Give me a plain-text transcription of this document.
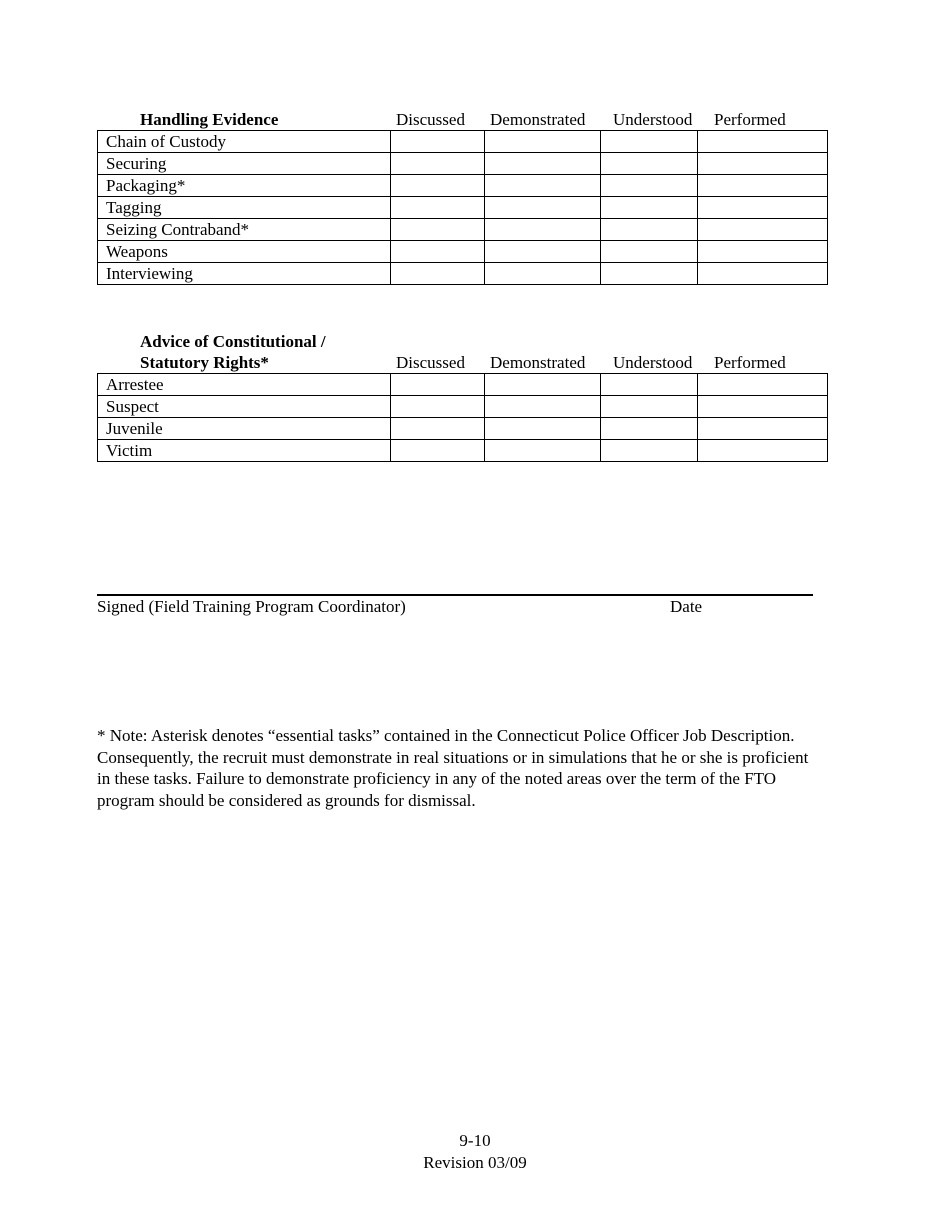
Handling Evidence	Discussed Demonstrated Understood Performed
Chain of Custody				
Securing				
Packaging*				
Tagging				
Seizing Contraband*				
Weapons				
Interviewing				
Advice of Constitutional /
Statutory Rights*	Discussed Demonstrated Understood Performed
Arrestee				
Suspect				
Juvenile				
Victim				
Signed (Field Training Program Coordinator)	Date
* Note: Asterisk denotes “essential tasks” contained in the Connecticut Police Officer Job Description. Consequently, the recruit must demonstrate in real situations or in simulations that he or she is proficient in these tasks. Failure to demonstrate proficiency in any of the noted areas over the term of the FTO program should be considered as grounds for dismissal.
9-10
Revision 03/09
